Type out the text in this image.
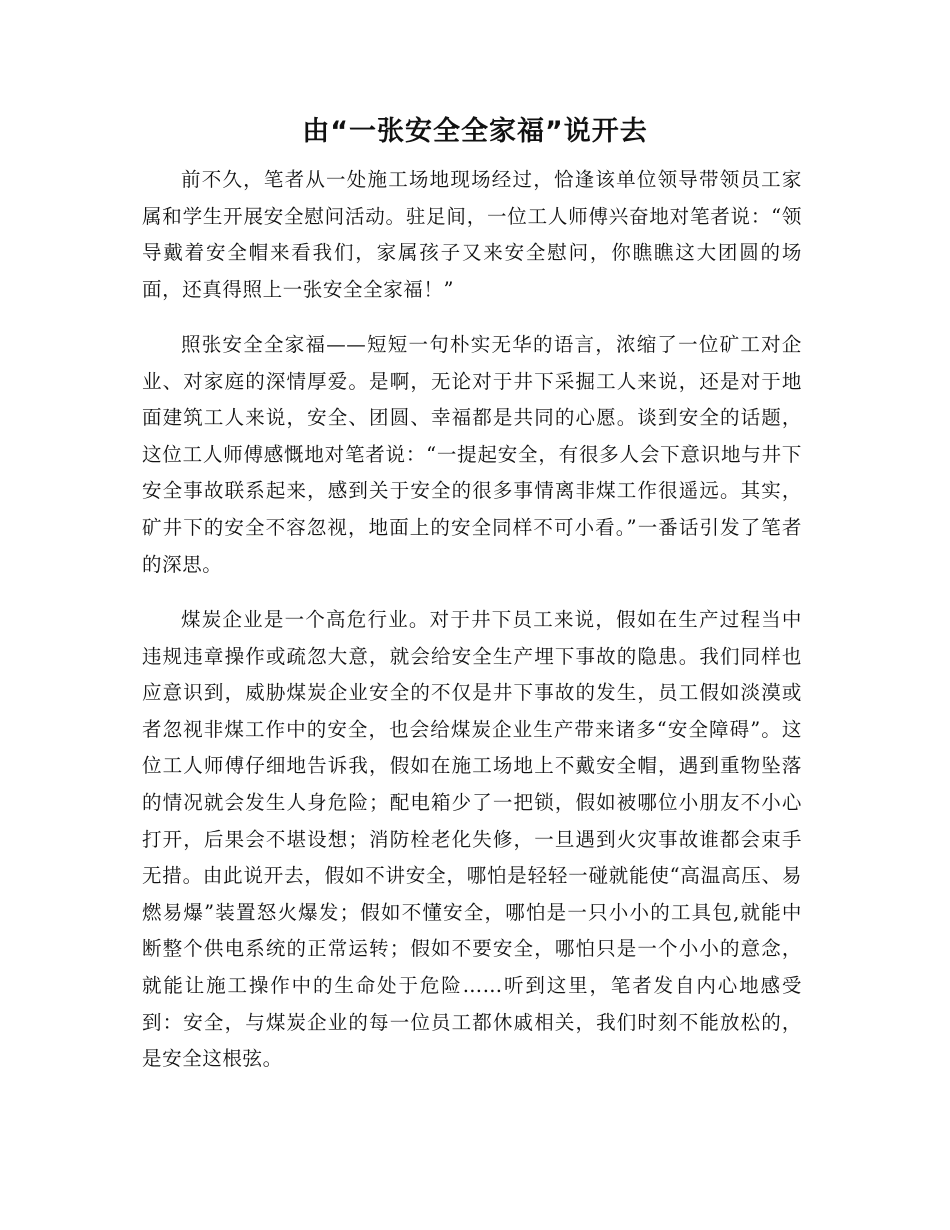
由“一张安全全家福”说开去

前不久，笔者从一处施工场地现场经过，恰逢该单位领导带领员工家属和学生开展安全慰问活动。驻足间，一位工人师傅兴奋地对笔者说：“领导戴着安全帽来看我们，家属孩子又来安全慰问，你瞧瞧这大团圆的场面，还真得照上一张安全全家福！”

照张安全全家福——短短一句朴实无华的语言，浓缩了一位矿工对企业、对家庭的深情厚爱。是啊，无论对于井下采掘工人来说，还是对于地面建筑工人来说，安全、团圆、幸福都是共同的心愿。谈到安全的话题，这位工人师傅感慨地对笔者说：“一提起安全，有很多人会下意识地与井下安全事故联系起来，感到关于安全的很多事情离非煤工作很遥远。其实，矿井下的安全不容忽视，地面上的安全同样不可小看。”一番话引发了笔者的深思。

煤炭企业是一个高危行业。对于井下员工来说，假如在生产过程当中违规违章操作或疏忽大意，就会给安全生产埋下事故的隐患。我们同样也应意识到，威胁煤炭企业安全的不仅是井下事故的发生，员工假如淡漠或者忽视非煤工作中的安全，也会给煤炭企业生产带来诸多“安全障碍”。这位工人师傅仔细地告诉我，假如在施工场地上不戴安全帽，遇到重物坠落的情况就会发生人身危险；配电箱少了一把锁，假如被哪位小朋友不小心打开，后果会不堪设想；消防栓老化失修，一旦遇到火灾事故谁都会束手无措。由此说开去，假如不讲安全，哪怕是轻轻一碰就能使“高温高压、易燃易爆”装置怒火爆发；假如不懂安全，哪怕是一只小小的工具包,就能中断整个供电系统的正常运转；假如不要安全，哪怕只是一个小小的意念，就能让施工操作中的生命处于危险……听到这里，笔者发自内心地感受到：安全，与煤炭企业的每一位员工都休戚相关，我们时刻不能放松的，是安全这根弦。
